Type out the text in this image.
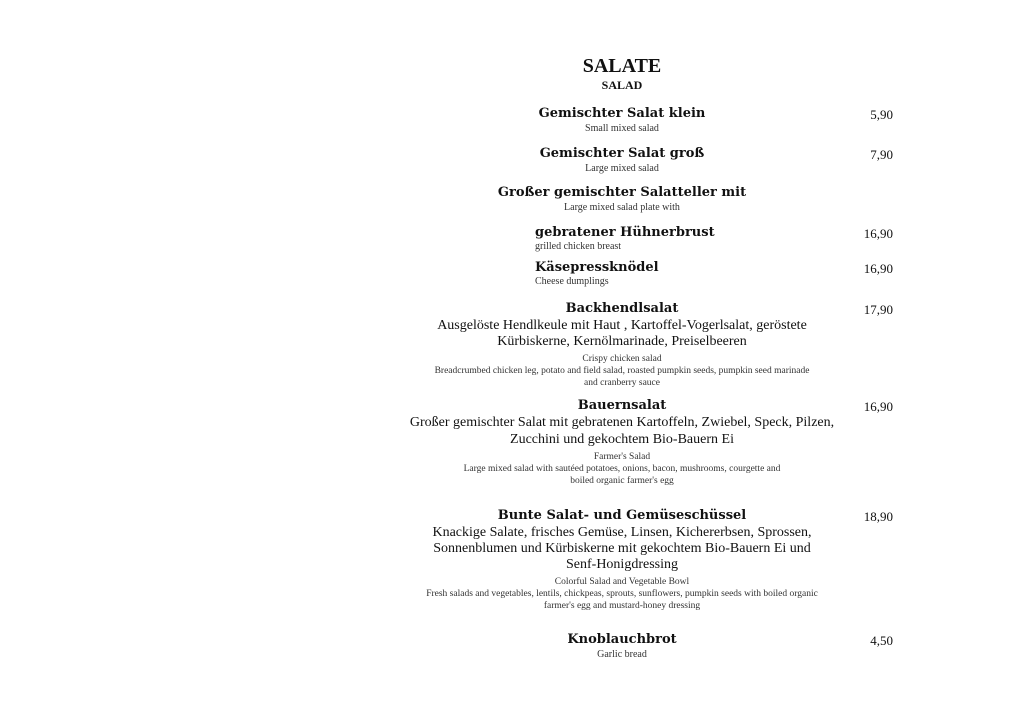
SALATE
SALAD
Gemischter Salat klein
Small mixed salad
5,90
Gemischter Salat groß
Large mixed salad
7,90
Großer gemischter Salatteller mit
Large mixed salad plate with
gebratener Hühnerbrust
grilled chicken breast
16,90
Käsepressknödel
Cheese dumplings
16,90
Backhendlsalat
Ausgelöste Hendlkeule mit Haut , Kartoffel-Vogerlsalat, geröstete
Kürbiskerne, Kernölmarinade, Preiselbeeren
Crispy chicken salad
Breadcrumbed chicken leg, potato and field salad, roasted pumpkin seeds, pumpkin seed marinade
and cranberry sauce
17,90
Bauernsalat
Großer gemischter Salat mit gebratenen Kartoffeln, Zwiebel, Speck, Pilzen,
Zucchini und gekochtem Bio-Bauern Ei
Farmer's Salad
Large mixed salad with sautéed potatoes, onions, bacon, mushrooms, courgette and
boiled organic farmer's egg
16,90
Bunte Salat- und Gemüseschüssel
Knackige Salate, frisches Gemüse, Linsen, Kichererbsen, Sprossen,
Sonnenblumen und Kürbiskerne mit gekochtem Bio-Bauern Ei und
Senf-Honigdressing
Colorful Salad and Vegetable Bowl
Fresh salads and vegetables, lentils, chickpeas, sprouts, sunflowers, pumpkin seeds with boiled organic
farmer's egg and mustard-honey dressing
18,90
Knoblauchbrot
Garlic bread
4,50
